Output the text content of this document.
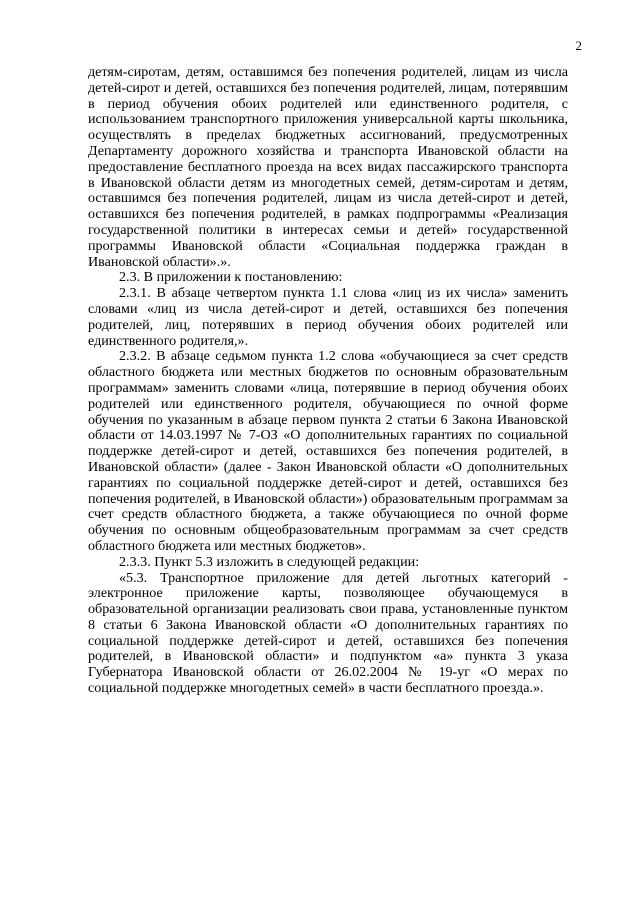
2

детям-сиротам, детям, оставшимся без попечения родителей, лицам из числа детей-сирот и детей, оставшихся без попечения родителей, лицам, потерявшим в период обучения обоих родителей или единственного родителя, с использованием транспортного приложения универсальной карты школьника, осуществлять в пределах бюджетных ассигнований, предусмотренных Департаменту дорожного хозяйства и транспорта Ивановской области на предоставление бесплатного проезда на всех видах пассажирского транспорта в Ивановской области детям из многодетных семей, детям-сиротам и детям, оставшимся без попечения родителей, лицам из числа детей-сирот и детей, оставшихся без попечения родителей, в рамках подпрограммы «Реализация государственной политики в интересах семьи и детей» государственной программы Ивановской области «Социальная поддержка граждан в Ивановской области».».

2.3. В приложении к постановлению:

2.3.1. В абзаце четвертом пункта 1.1 слова «лиц из их числа» заменить словами «лиц из числа детей-сирот и детей, оставшихся без попечения родителей, лиц, потерявших в период обучения обоих родителей или единственного родителя,».

2.3.2. В абзаце седьмом пункта 1.2 слова «обучающиеся за счет средств областного бюджета или местных бюджетов по основным образовательным программам» заменить словами «лица, потерявшие в период обучения обоих родителей или единственного родителя, обучающиеся по очной форме обучения по указанным в абзаце первом пункта 2 статьи 6 Закона Ивановской области от 14.03.1997 № 7-ОЗ «О дополнительных гарантиях по социальной поддержке детей-сирот и детей, оставшихся без попечения родителей, в Ивановской области» (далее - Закон Ивановской области «О дополнительных гарантиях по социальной поддержке детей-сирот и детей, оставшихся без попечения родителей, в Ивановской области») образовательным программам за счет средств областного бюджета, а также обучающиеся по очной форме обучения по основным общеобразовательным программам за счет средств областного бюджета или местных бюджетов».

2.3.3. Пункт 5.3 изложить в следующей редакции:

«5.3. Транспортное приложение для детей льготных категорий - электронное приложение карты, позволяющее обучающемуся в образовательной организации реализовать свои права, установленные пунктом 8 статьи 6 Закона Ивановской области «О дополнительных гарантиях по социальной поддержке детей-сирот и детей, оставшихся без попечения родителей, в Ивановской области» и подпунктом «а» пункта 3 указа Губернатора Ивановской области от 26.02.2004 № 19-уг «О мерах по социальной поддержке многодетных семей» в части бесплатного проезда.».
